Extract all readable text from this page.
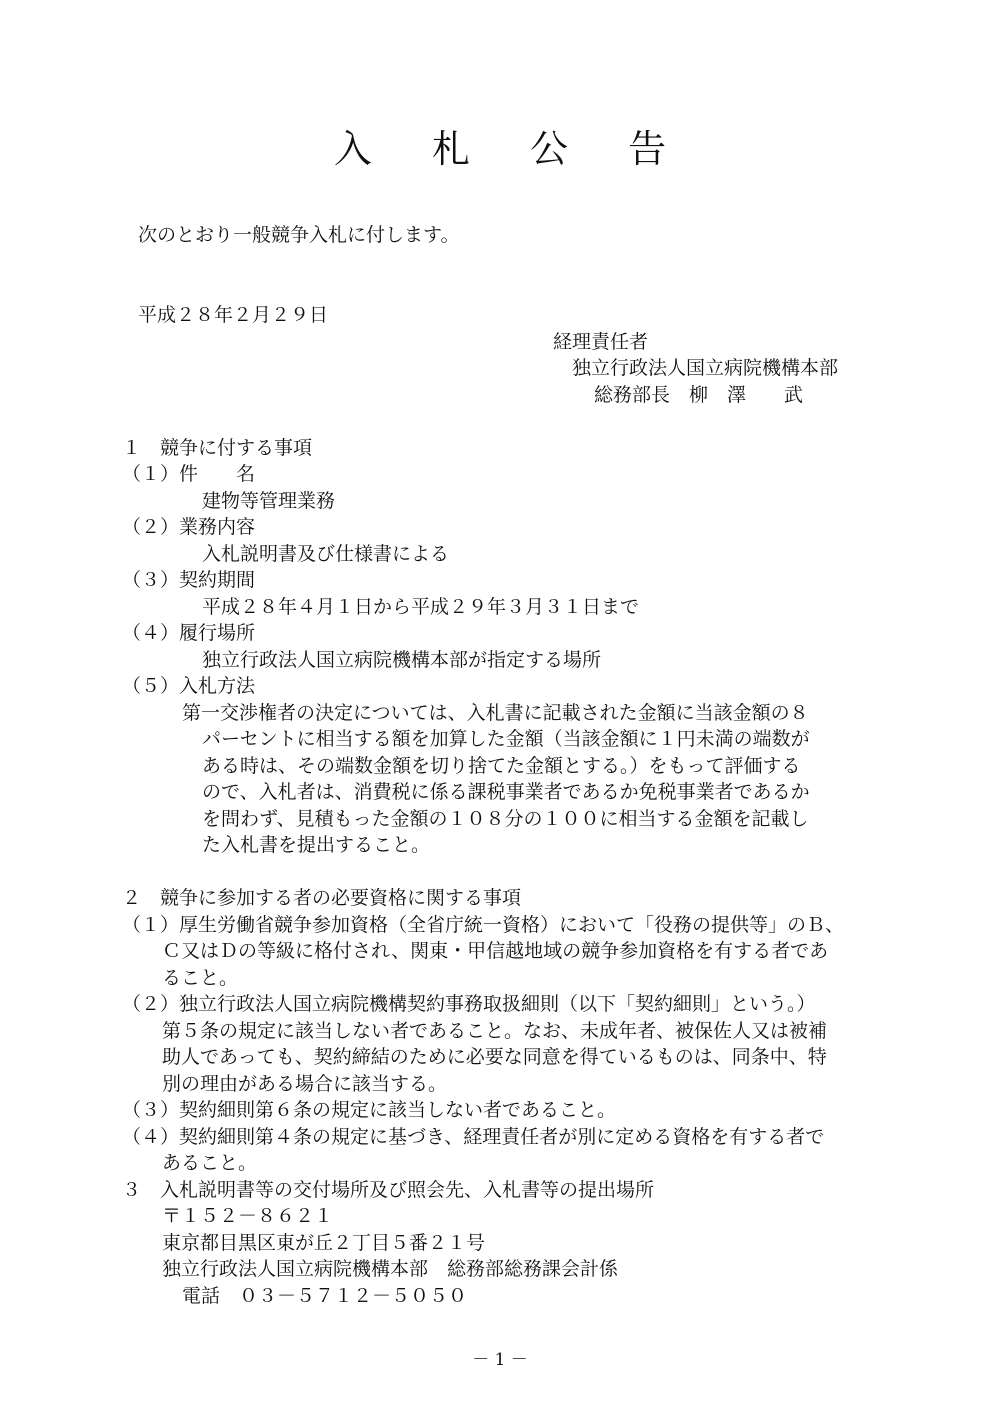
入 札 公 告
次のとおり一般競争入札に付します。
平成２８年２月２９日
経理責任者
独立行政法人国立病院機構本部
総務部長　柳　澤　　武
１　競争に付する事項
（１）件　　名
建物等管理業務
（２）業務内容
入札説明書及び仕様書による
（３）契約期間
平成２８年４月１日から平成２９年３月３１日まで
（４）履行場所
独立行政法人国立病院機構本部が指定する場所
（５）入札方法
第一交渉権者の決定については、入札書に記載された金額に当該金額の８
パーセントに相当する額を加算した金額（当該金額に１円未満の端数が
ある時は、その端数金額を切り捨てた金額とする。）をもって評価する
ので、入札者は、消費税に係る課税事業者であるか免税事業者であるか
を問わず、見積もった金額の１０８分の１００に相当する金額を記載し
た入札書を提出すること。
２　競争に参加する者の必要資格に関する事項
（１）厚生労働省競争参加資格（全省庁統一資格）において「役務の提供等」のＢ、
Ｃ又はＤの等級に格付され、関東・甲信越地域の競争参加資格を有する者であ
ること。
（２）独立行政法人国立病院機構契約事務取扱細則（以下「契約細則」という。）
第５条の規定に該当しない者であること。なお、未成年者、被保佐人又は被補
助人であっても、契約締結のために必要な同意を得ているものは、同条中、特
別の理由がある場合に該当する。
（３）契約細則第６条の規定に該当しない者であること。
（４）契約細則第４条の規定に基づき、経理責任者が別に定める資格を有する者で
あること。
３　入札説明書等の交付場所及び照会先、入札書等の提出場所
〒１５２－８６２１
東京都目黒区東が丘２丁目５番２１号
独立行政法人国立病院機構本部　総務部総務課会計係
電話　０３－５７１２－５０５０
－ 1 －
